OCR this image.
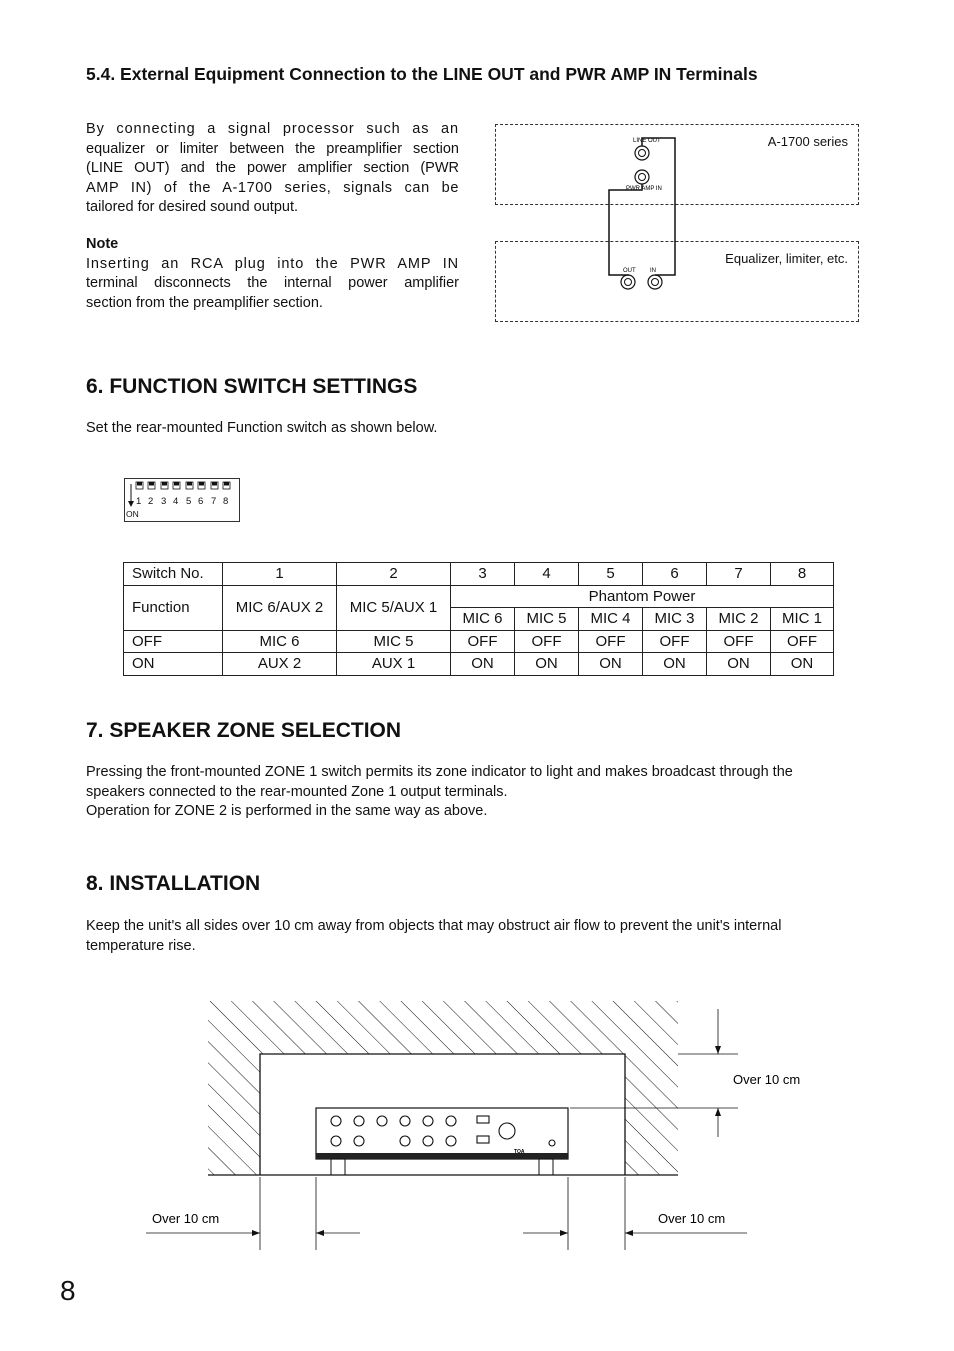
5.4. External Equipment Connection to the LINE OUT and PWR AMP IN Terminals
By connecting a signal processor such as an
equalizer or limiter between the preamplifier section
(LINE OUT) and the power amplifier section (PWR
AMP IN) of the A-1700 series, signals can be
tailored for desired sound output.
Note
Inserting an RCA plug into the PWR AMP IN
terminal disconnects the internal power amplifier
section from the preamplifier section.
A-1700 series
Equalizer, limiter, etc.
LINE OUT
PWR AMP IN
OUT IN
6. FUNCTION SWITCH SETTINGS
Set the rear-mounted Function switch as shown below.
1 2 3 4 5 6 7 8
ON
Switch No.	1	2	3	4	5	6	7	8
Function	MIC 6/AUX 2	MIC 5/AUX 1	Phantom Power					
			MIC 6	MIC 5	MIC 4	MIC 3	MIC 2	MIC 1
OFF	MIC 6	MIC 5	OFF	OFF	OFF	OFF	OFF	OFF
ON	AUX 2	AUX 1	ON	ON	ON	ON	ON	ON
7. SPEAKER ZONE SELECTION
Pressing the front-mounted ZONE 1 switch permits its zone indicator to light and makes broadcast through the
speakers connected to the rear-mounted Zone 1 output terminals.
Operation for ZONE 2 is performed in the same way as above.
8. INSTALLATION
Keep the unit's all sides over 10 cm away from objects that may obstruct air flow to prevent the unit's internal
temperature rise.
TOA
Over 10 cm
Over 10 cm	Over 10 cm
8
